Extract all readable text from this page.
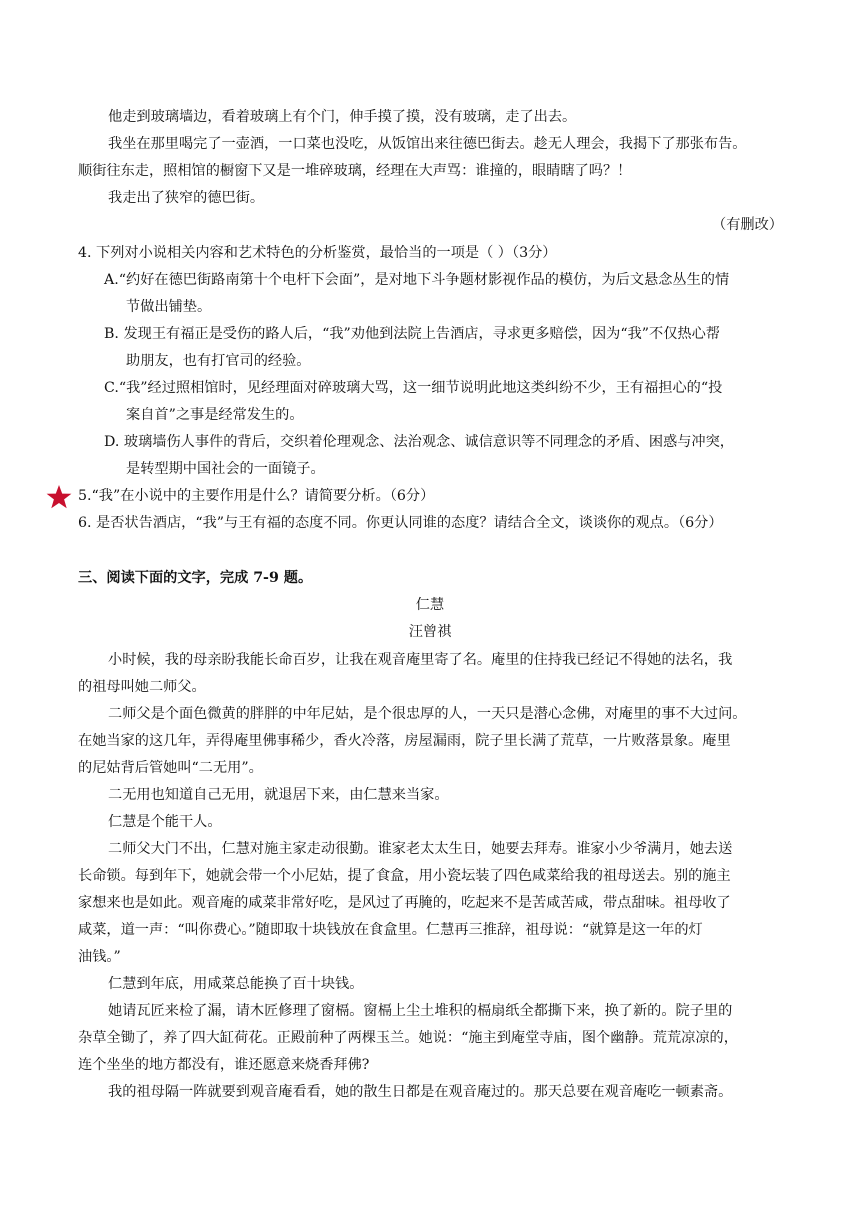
他走到玻璃墙边，看着玻璃上有个门，伸手摸了摸，没有玻璃，走了出去。
我坐在那里喝完了一壶酒，一口菜也没吃，从饭馆出来往德巴街去。趁无人理会，我揭下了那张布告。
顺街往东走，照相馆的橱窗下又是一堆碎玻璃，经理在大声骂：谁撞的，眼睛瞎了吗？！
我走出了狭窄的德巴街。
（有删改）
4. 下列对小说相关内容和艺术特色的分析鉴赏，最恰当的一项是（ ）（3分）
A.“约好在德巴街路南第十个电杆下会面”，是对地下斗争题材影视作品的模仿，为后文悬念丛生的情
节做出铺垫。
B. 发现王有福正是受伤的路人后，“我”劝他到法院上告酒店，寻求更多赔偿，因为“我”不仅热心帮
助朋友，也有打官司的经验。
C.“我”经过照相馆时，见经理面对碎玻璃大骂，这一细节说明此地这类纠纷不少，王有福担心的“投
案自首”之事是经常发生的。
D. 玻璃墙伤人事件的背后，交织着伦理观念、法治观念、诚信意识等不同理念的矛盾、困惑与冲突，
是转型期中国社会的一面镜子。
5.“我”在小说中的主要作用是什么？请简要分析。（6分）
6. 是否状告酒店，“我”与王有福的态度不同。你更认同谁的态度？请结合全文，谈谈你的观点。（6分）
三、阅读下面的文字，完成 7-9 题。
仁慧
汪曾祺
小时候，我的母亲盼我能长命百岁，让我在观音庵里寄了名。庵里的住持我已经记不得她的法名，我
的祖母叫她二师父。
二师父是个面色微黄的胖胖的中年尼姑，是个很忠厚的人，一天只是潜心念佛，对庵里的事不大过问。
在她当家的这几年，弄得庵里佛事稀少，香火冷落，房屋漏雨，院子里长满了荒草，一片败落景象。庵里
的尼姑背后管她叫“二无用”。
二无用也知道自己无用，就退居下来，由仁慧来当家。
仁慧是个能干人。
二师父大门不出，仁慧对施主家走动很勤。谁家老太太生日，她要去拜寿。谁家小少爷满月，她去送
长命锁。每到年下，她就会带一个小尼姑，提了食盒，用小瓷坛装了四色咸菜给我的祖母送去。别的施主
家想来也是如此。观音庵的咸菜非常好吃，是风过了再腌的，吃起来不是苦咸苦咸，带点甜味。祖母收了
咸菜，道一声：“叫你费心。”随即取十块钱放在食盒里。仁慧再三推辞，祖母说：“就算是这一年的灯
油钱。”
仁慧到年底，用咸菜总能换了百十块钱。
她请瓦匠来检了漏，请木匠修理了窗槅。窗槅上尘土堆积的槅扇纸全都撕下来，换了新的。院子里的
杂草全锄了，养了四大缸荷花。正殿前种了两棵玉兰。她说：“施主到庵堂寺庙，图个幽静。荒荒凉凉的，
连个坐坐的地方都没有，谁还愿意来烧香拜佛?
我的祖母隔一阵就要到观音庵看看，她的散生日都是在观音庵过的。那天总要在观音庵吃一顿素斋。
